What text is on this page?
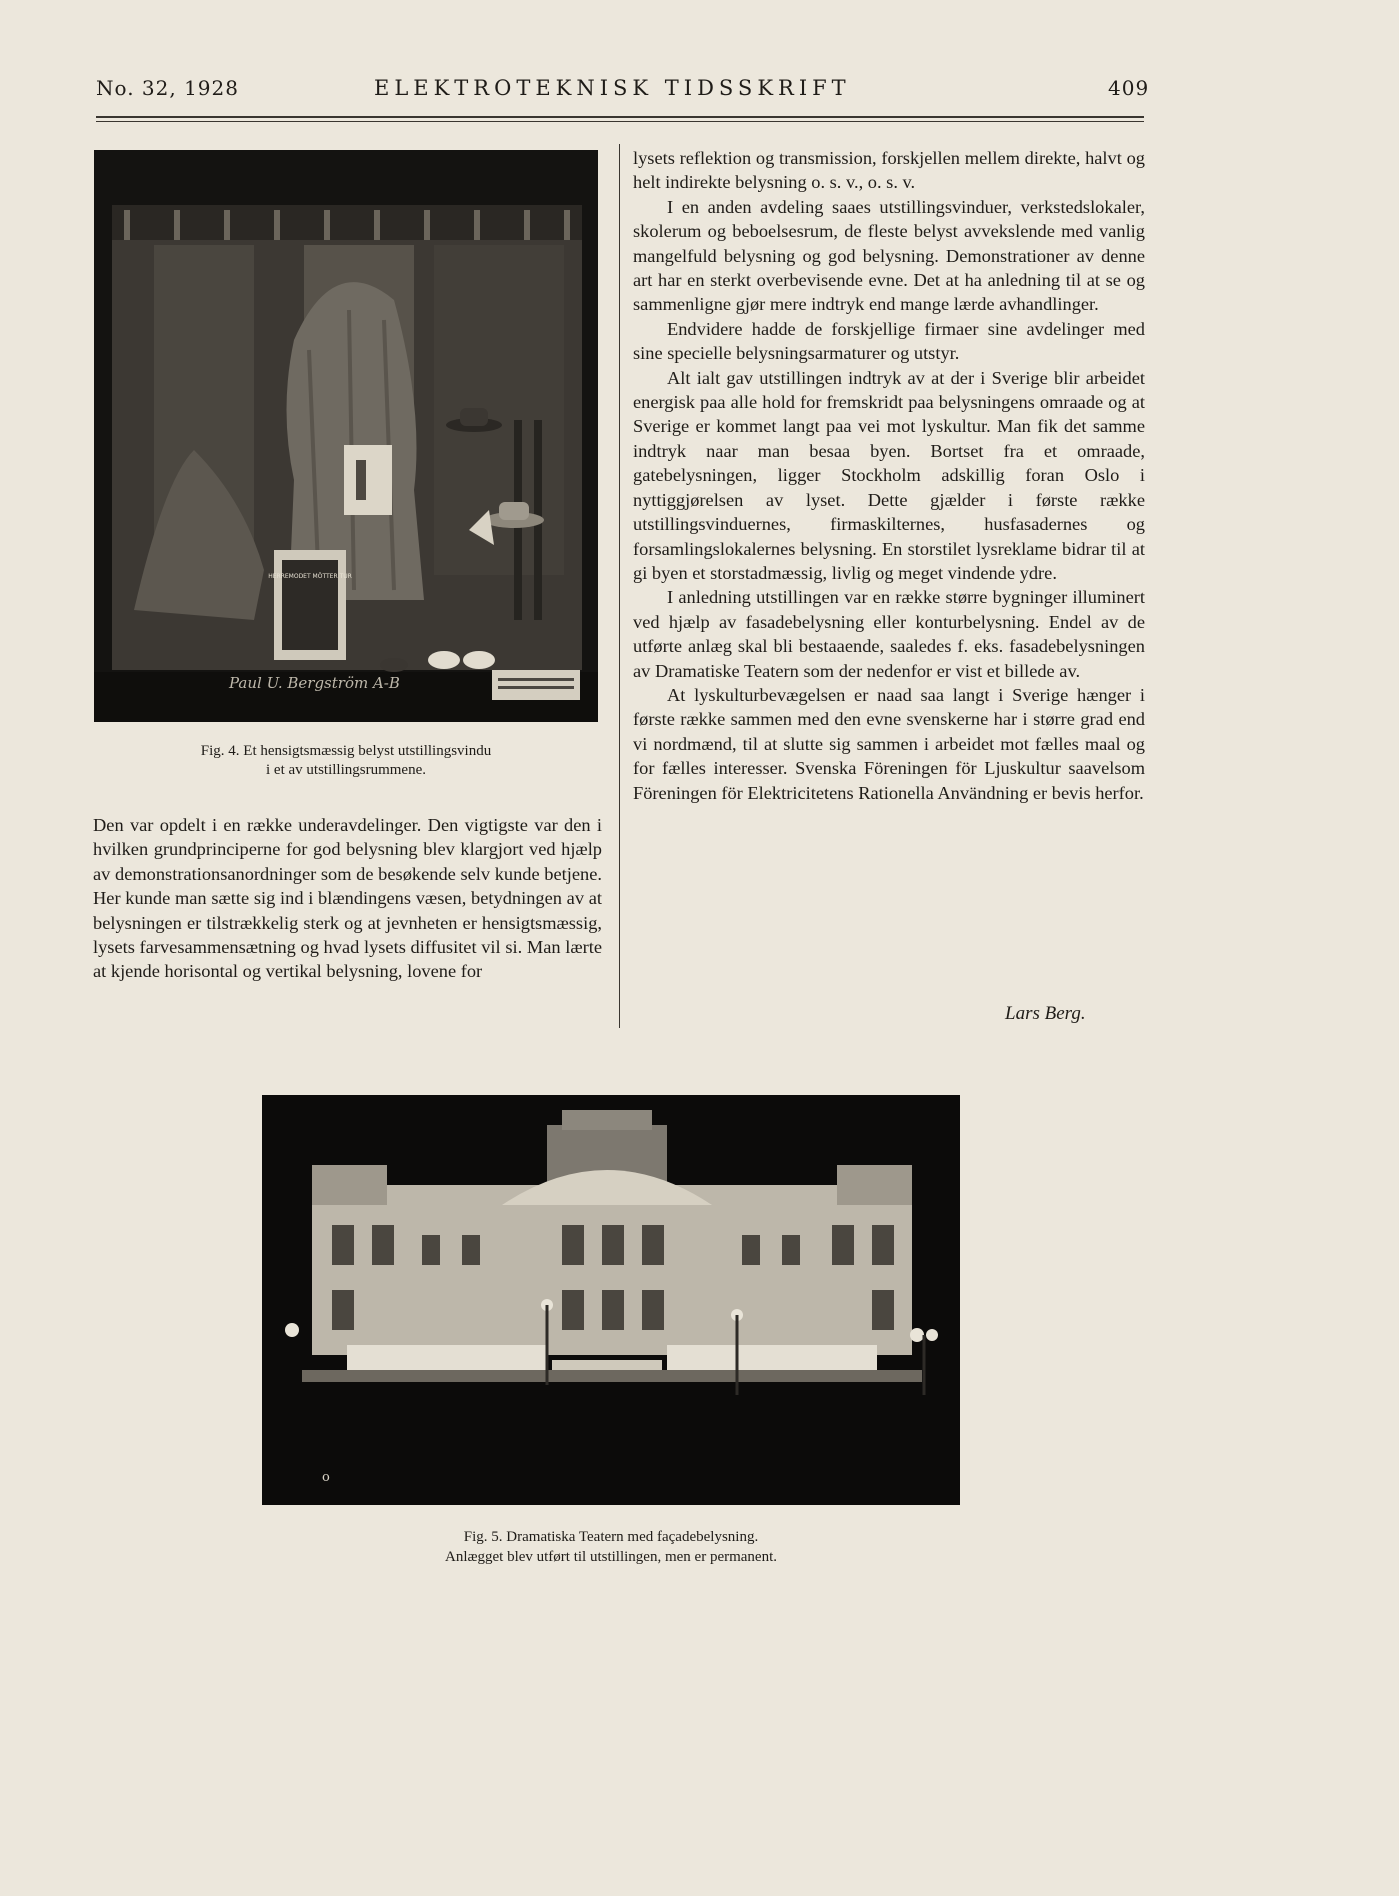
No. 32, 1928	ELEKTROTEKNISK TIDSSKRIFT	409
HERREMODET MÖTTER TUR
Paul U. Bergström A-B
Fig. 4. Et hensigtsmæssig belyst utstillingsvindu
i et av utstillingsrummene.

Den var opdelt i en række underavdelinger. Den vigtigste var den i hvilken grundprinciperne for god belysning blev klargjort ved hjælp av demonstrationsanordninger som de besøkende selv kunde betjene. Her kunde man sætte sig ind i blændingens væsen, betydningen av at belysningen er tilstrækkelig sterk og at jevnheten er hensigtsmæssig, lysets farvesammensætning og hvad lysets diffusitet vil si. Man lærte at kjende horisontal og vertikal belysning, lovene for

lysets reflektion og transmission, forskjellen mellem direkte, halvt og helt indirekte belysning o. s. v., o. s. v.

I en anden avdeling saaes utstillingsvinduer, verkstedslokaler, skolerum og beboelsesrum, de fleste belyst avvekslende med vanlig mangelfuld belysning og god belysning. Demonstrationer av denne art har en sterkt overbevisende evne. Det at ha anledning til at se og sammenligne gjør mere indtryk end mange lærde avhandlinger.

Endvidere hadde de forskjellige firmaer sine avdelinger med sine specielle belysningsarmaturer og utstyr.

Alt ialt gav utstillingen indtryk av at der i Sverige blir arbeidet energisk paa alle hold for fremskridt paa belysningens omraade og at Sverige er kommet langt paa vei mot lyskultur. Man fik det samme indtryk naar man besaa byen. Bortset fra et omraade, gatebelysningen, ligger Stockholm adskillig foran Oslo i nyttiggjørelsen av lyset. Dette gjælder i første række utstillingsvinduernes, firmaskilternes, husfasadernes og forsamlingslokalernes belysning. En storstilet lysreklame bidrar til at gi byen et storstadmæssig, livlig og meget vindende ydre.

I anledning utstillingen var en række større bygninger illuminert ved hjælp av fasadebelysning eller konturbelysning. Endel av de utførte anlæg skal bli bestaaende, saaledes f. eks. fasadebelysningen av Dramatiske Teatern som der nedenfor er vist et billede av.

At lyskulturbevægelsen er naad saa langt i Sverige hænger i første række sammen med den evne svenskerne har i større grad end vi nordmænd, til at slutte sig sammen i arbeidet mot fælles maal og for fælles interesser. Svenska Föreningen för Ljuskultur saavelsom Föreningen för Elektricitetens Rationella Användning er bevis herfor.

Lars Berg.
o
Fig. 5. Dramatiska Teatern med façadebelysning.
Anlægget blev utført til utstillingen, men er permanent.
